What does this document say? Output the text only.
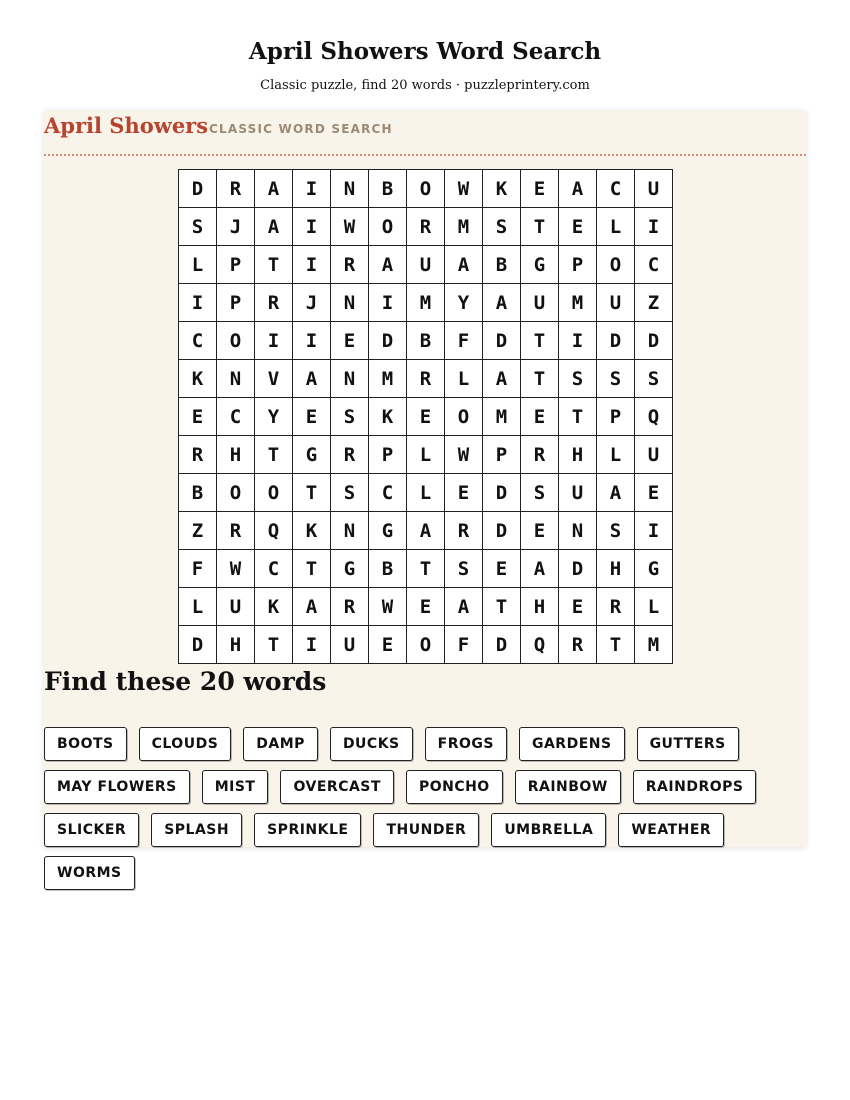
April Showers Word Search
Classic puzzle, find 20 words · puzzleprintery.com
April Showers CLASSIC WORD SEARCH
D	R	A	I	N	B	O	W	K	E	A	C	U
S	J	A	I	W	O	R	M	S	T	E	L	I
L	P	T	I	R	A	U	A	B	G	P	O	C
I	P	R	J	N	I	M	Y	A	U	M	U	Z
C	O	I	I	E	D	B	F	D	T	I	D	D
K	N	V	A	N	M	R	L	A	T	S	S	S
E	C	Y	E	S	K	E	O	M	E	T	P	Q
R	H	T	G	R	P	L	W	P	R	H	L	U
B	O	O	T	S	C	L	E	D	S	U	A	E
Z	R	Q	K	N	G	A	R	D	E	N	S	I
F	W	C	T	G	B	T	S	E	A	D	H	G
L	U	K	A	R	W	E	A	T	H	E	R	L
D	H	T	I	U	E	O	F	D	Q	R	T	M
Find these 20 words
BOOTS	CLOUDS	DAMP	DUCKS	FROGS	GARDENS	GUTTERS
MAY FLOWERS	MIST	OVERCAST	PONCHO	RAINBOW	RAINDROPS
SLICKER	SPLASH	SPRINKLE	THUNDER	UMBRELLA	WEATHER
WORMS
